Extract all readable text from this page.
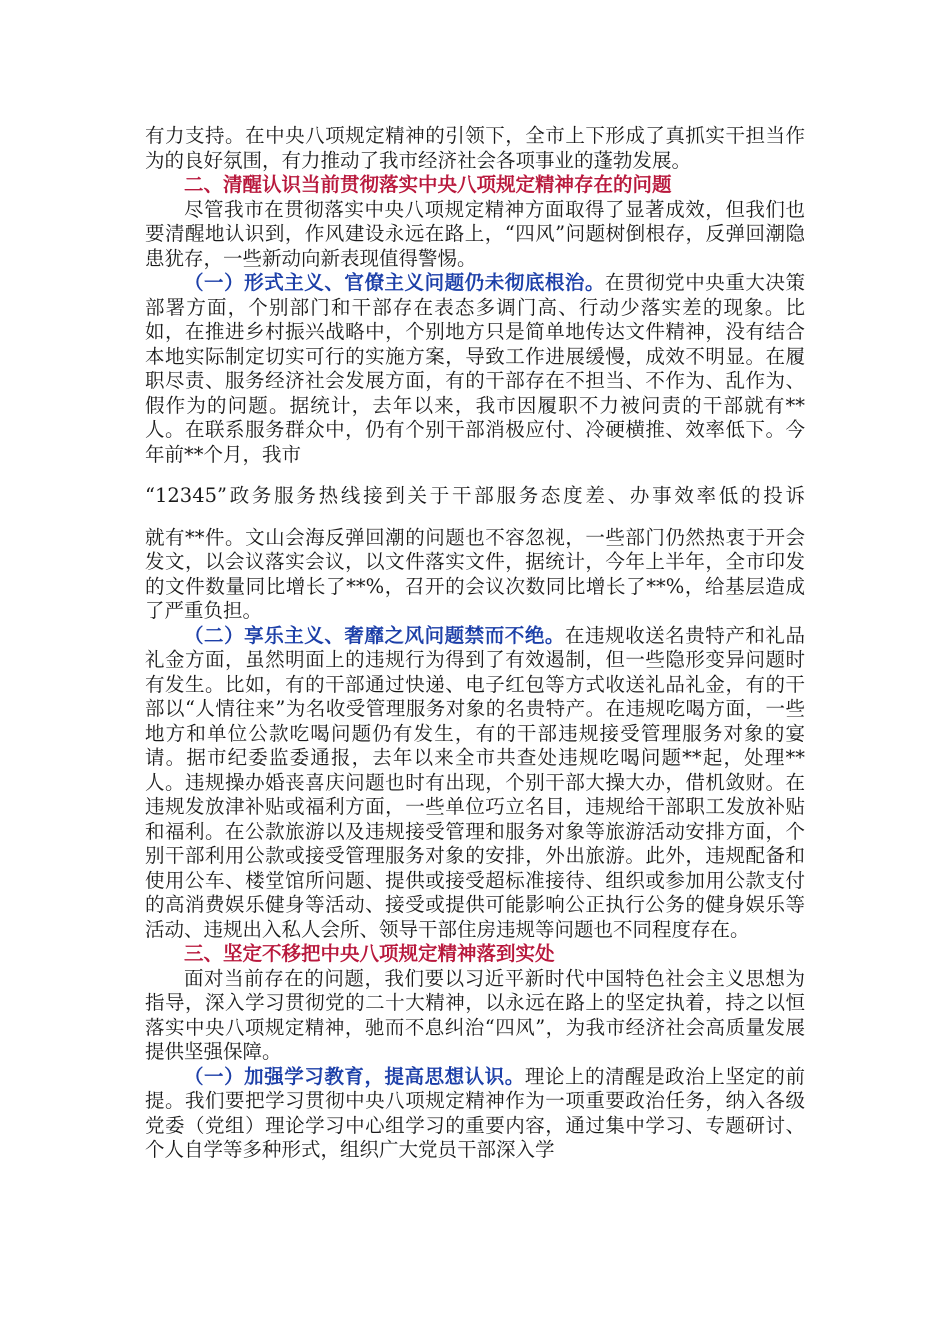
有力支持。在中央八项规定精神的引领下，全市上下形成了真抓实干担当作为的良好氛围，有力推动了我市经济社会各项事业的蓬勃发展。

二、清醒认识当前贯彻落实中央八项规定精神存在的问题

尽管我市在贯彻落实中央八项规定精神方面取得了显著成效，但我们也要清醒地认识到，作风建设永远在路上，“四风”问题树倒根存，反弹回潮隐患犹存，一些新动向新表现值得警惕。

（一）形式主义、官僚主义问题仍未彻底根治。在贯彻党中央重大决策部署方面，个别部门和干部存在表态多调门高、行动少落实差的现象。比如，在推进乡村振兴战略中，个别地方只是简单地传达文件精神，没有结合本地实际制定切实可行的实施方案，导致工作进展缓慢，成效不明显。在履职尽责、服务经济社会发展方面，有的干部存在不担当、不作为、乱作为、假作为的问题。据统计，去年以来，我市因履职不力被问责的干部就有**人。在联系服务群众中，仍有个别干部消极应付、冷硬横推、效率低下。今年前**个月，我市

“12345”政务服务热线接到关于干部服务态度差、办事效率低的投诉

就有**件。文山会海反弹回潮的问题也不容忽视，一些部门仍然热衷于开会发文，以会议落实会议，以文件落实文件，据统计，今年上半年，全市印发的文件数量同比增长了**%，召开的会议次数同比增长了**%，给基层造成了严重负担。

（二）享乐主义、奢靡之风问题禁而不绝。在违规收送名贵特产和礼品礼金方面，虽然明面上的违规行为得到了有效遏制，但一些隐形变异问题时有发生。比如，有的干部通过快递、电子红包等方式收送礼品礼金，有的干部以“人情往来”为名收受管理服务对象的名贵特产。在违规吃喝方面，一些地方和单位公款吃喝问题仍有发生，有的干部违规接受管理服务对象的宴请。据市纪委监委通报，去年以来全市共查处违规吃喝问题**起，处理**人。违规操办婚丧喜庆问题也时有出现，个别干部大操大办，借机敛财。在违规发放津补贴或福利方面，一些单位巧立名目，违规给干部职工发放补贴和福利。在公款旅游以及违规接受管理和服务对象等旅游活动安排方面，个别干部利用公款或接受管理服务对象的安排，外出旅游。此外，违规配备和使用公车、楼堂馆所问题、提供或接受超标准接待、组织或参加用公款支付的高消费娱乐健身等活动、接受或提供可能影响公正执行公务的健身娱乐等活动、违规出入私人会所、领导干部住房违规等问题也不同程度存在。

三、坚定不移把中央八项规定精神落到实处

面对当前存在的问题，我们要以习近平新时代中国特色社会主义思想为指导，深入学习贯彻党的二十大精神，以永远在路上的坚定执着，持之以恒落实中央八项规定精神，驰而不息纠治“四风”，为我市经济社会高质量发展提供坚强保障。

（一）加强学习教育，提高思想认识。理论上的清醒是政治上坚定的前提。我们要把学习贯彻中央八项规定精神作为一项重要政治任务，纳入各级党委（党组）理论学习中心组学习的重要内容，通过集中学习、专题研讨、个人自学等多种形式，组织广大党员干部深入学
